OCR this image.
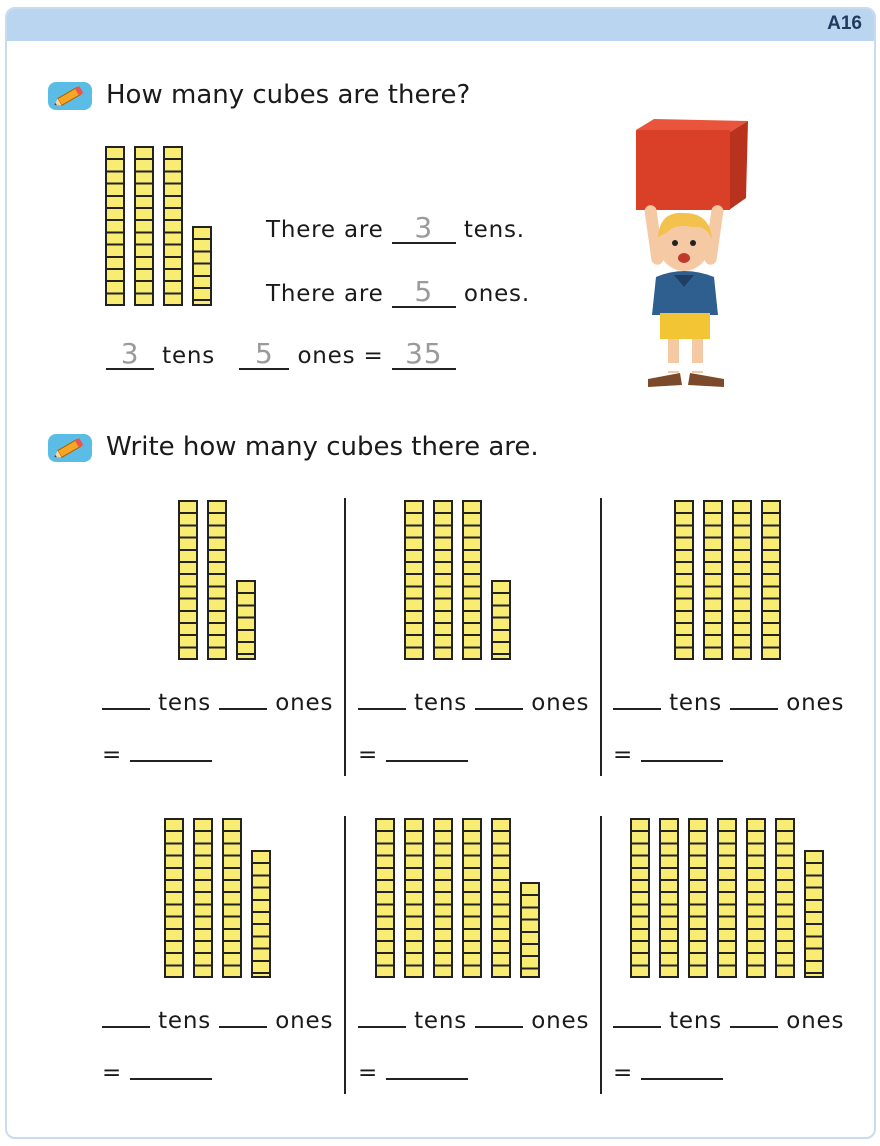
A16
How many cubes are there?
There are 3 tens.
There are 5 ones.
3 tens 5 ones = 35
Write how many cubes there are.
tens  ones
=
tens  ones
=
tens  ones
=
tens  ones
=
tens  ones
=
tens  ones
=
